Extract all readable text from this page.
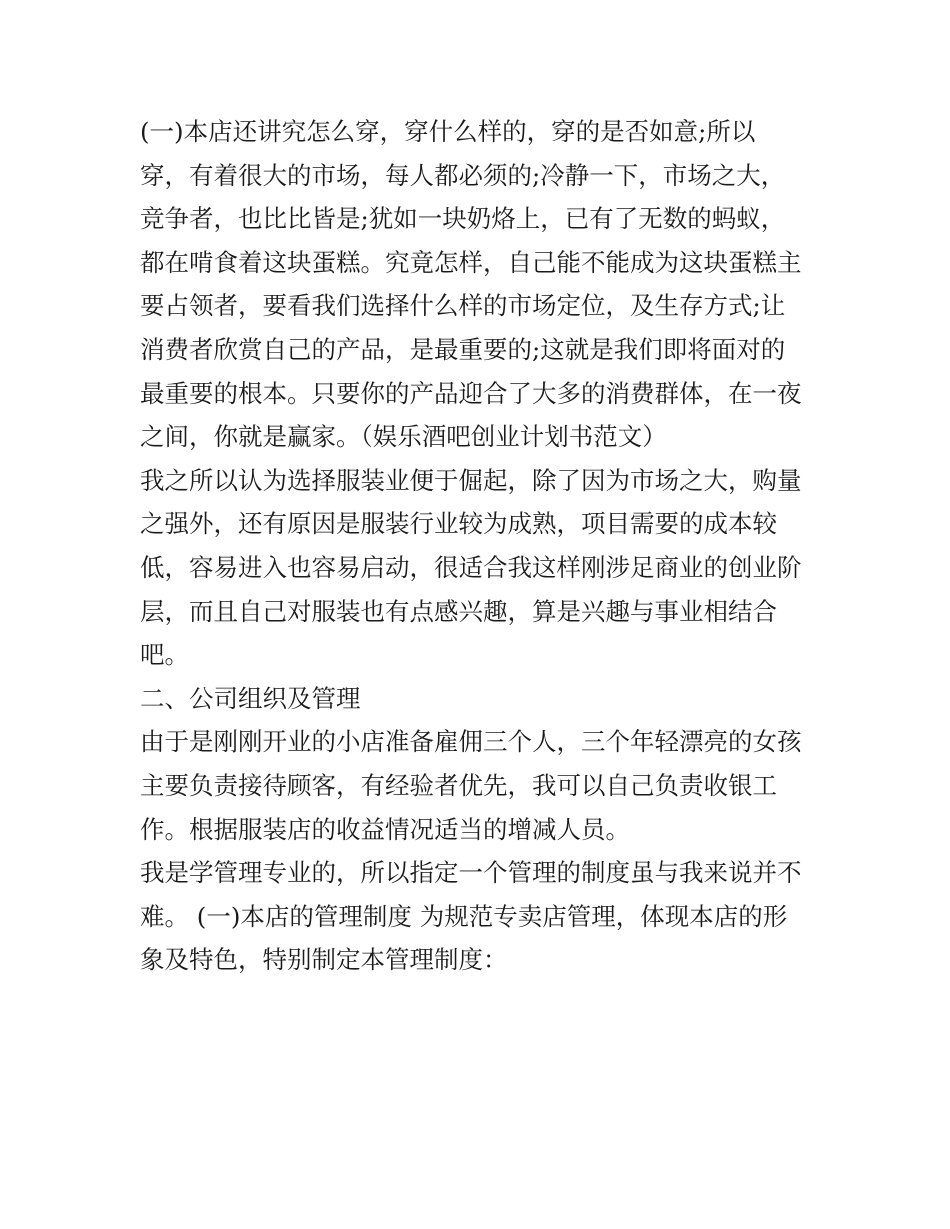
(一)本店还讲究怎么穿，穿什么样的，穿的是否如意;所以
穿，有着很大的市场，每人都必须的;冷静一下，市场之大，
竞争者，也比比皆是;犹如一块奶烙上，已有了无数的蚂蚁，
都在啃食着这块蛋糕。究竟怎样，自己能不能成为这块蛋糕主
要占领者，要看我们选择什么样的市场定位，及生存方式;让
消费者欣赏自己的产品，是最重要的;这就是我们即将面对的
最重要的根本。只要你的产品迎合了大多的消费群体，在一夜
之间，你就是赢家。（娱乐酒吧创业计划书范文）
我之所以认为选择服装业便于倔起，除了因为市场之大，购量
之强外，还有原因是服装行业较为成熟，项目需要的成本较
低，容易进入也容易启动，很适合我这样刚涉足商业的创业阶
层，而且自己对服装也有点感兴趣，算是兴趣与事业相结合
吧。
二、公司组织及管理
由于是刚刚开业的小店准备雇佣三个人，三个年轻漂亮的女孩
主要负责接待顾客，有经验者优先，我可以自己负责收银工
作。根据服装店的收益情况适当的增减人员。
我是学管理专业的，所以指定一个管理的制度虽与我来说并不
难。 (一)本店的管理制度 为规范专卖店管理，体现本店的形
象及特色，特别制定本管理制度：
